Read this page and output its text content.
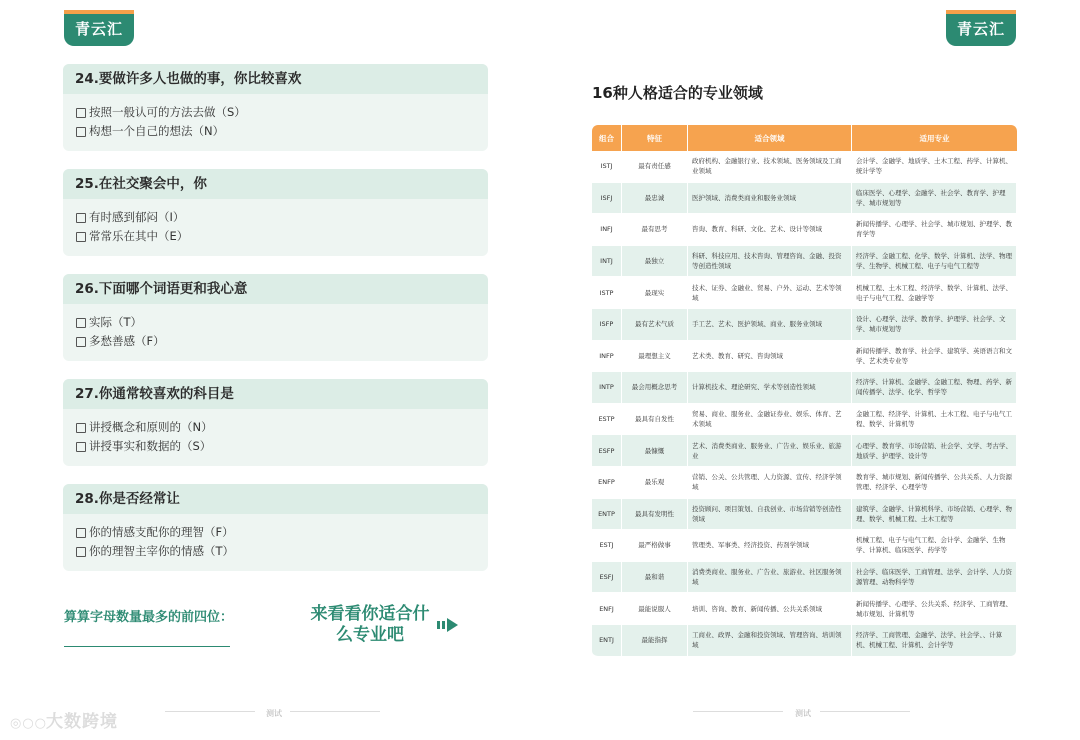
青云汇
24.要做许多人也做的事，你比较喜欢
按照一般认可的方法去做（S）
构想一个自己的想法（N）
25.在社交聚会中，你
有时感到郁闷（I）
常常乐在其中（E）
26.下面哪个词语更和我心意
实际（T）
多愁善感（F）
27.你通常较喜欢的科目是
讲授概念和原则的（N）
讲授事实和数据的（S）
28.你是否经常让
你的情感支配你的理智（F）
你的理智主宰你的情感（T）
算算字母数量最多的前四位：	来看看你适合什么专业吧
青云汇
16种人格适合的专业领域
组合	特征	适合领域	适用专业
ISTJ	最有责任感	政府机构、金融银行业、技术领域、医务领域及工商业领域	会计学、金融学、地质学、土木工程、药学、计算机、统计学等
ISFJ	最忠诚	医护领域、消费类商业和服务业领域	临床医学、心理学、金融学、社会学、教育学、护理学、城市规划等
INFJ	最有思考	咨询、教育、科研、文化、艺术、设计等领域	新闻传播学、心理学、社会学、城市规划、护理学、教育学等
INTJ	最独立	科研、科技应用、技术咨询、管理咨询、金融、投资等创造性领域	经济学、金融工程、化学、数学、计算机、法学、物理学、生物学、机械工程、电子与电气工程等
ISTP	最现实	技术、证券、金融业、贸易、户外、运动、艺术等领域	机械工程、土木工程、经济学、数学、计算机、法学、电子与电气工程、金融学等
ISFP	最有艺术气质	手工艺、艺术、医护领域、商业、服务业领域	设计、心理学、法学、教育学、护理学、社会学、文学、城市规划等
INFP	最理想主义	艺术类、教育、研究、咨询领域	新闻传播学、教育学、社会学、建筑学、英语语言和文学、艺术类专业等
INTP	最会用概念思考	计算机技术、理论研究、学术等创造性领域	经济学、计算机、金融学、金融工程、物理、药学、新闻传播学、法学、化学、哲学等
ESTP	最具有自发性	贸易、商业、服务业、金融证券业、娱乐、体育、艺术领域	金融工程、经济学、计算机、土木工程、电子与电气工程、数学、计算机等
ESFP	最慷慨	艺术、消费类商业、服务业、广告业、娱乐业、旅游业	心理学、教育学、市场营销、社会学、文学、考古学、地质学、护理学、设计等
ENFP	最乐观	营销、公关、公共管理、人力资源、宣传、经济学领域	教育学、城市规划、新闻传播学、公共关系、人力资源管理、经济学、心理学等
ENTP	最具有发明性	投资顾问、项目策划、自我创业、市场营销等创造性领域	建筑学、金融学、计算机科学、市场营销、心理学、物理、数学、机械工程、土木工程等
ESTJ	最严格做事	管理类、军事类、经济投资、药剂学领域	机械工程、电子与电气工程、会计学、金融学、生物学、计算机、临床医学、药学等
ESFJ	最和谐	消费类商业、服务业、广告业、旅游业、社区服务领域	社会学、临床医学、工商管理、法学、会计学、人力资源管理、动物科学等
ENFJ	最能说服人	培训、咨询、教育、新闻传播、公共关系领域	新闻传播学、心理学、公共关系、经济学、工商管理、城市规划、计算机等
ENTJ	最能指挥	工商业、政界、金融和投资领域、管理咨询、培训领域	经济学、工商管理、金融学、法学、社会学、、计算机、机械工程、计算机、会计学等
测试	测试
◎○○大数跨境
